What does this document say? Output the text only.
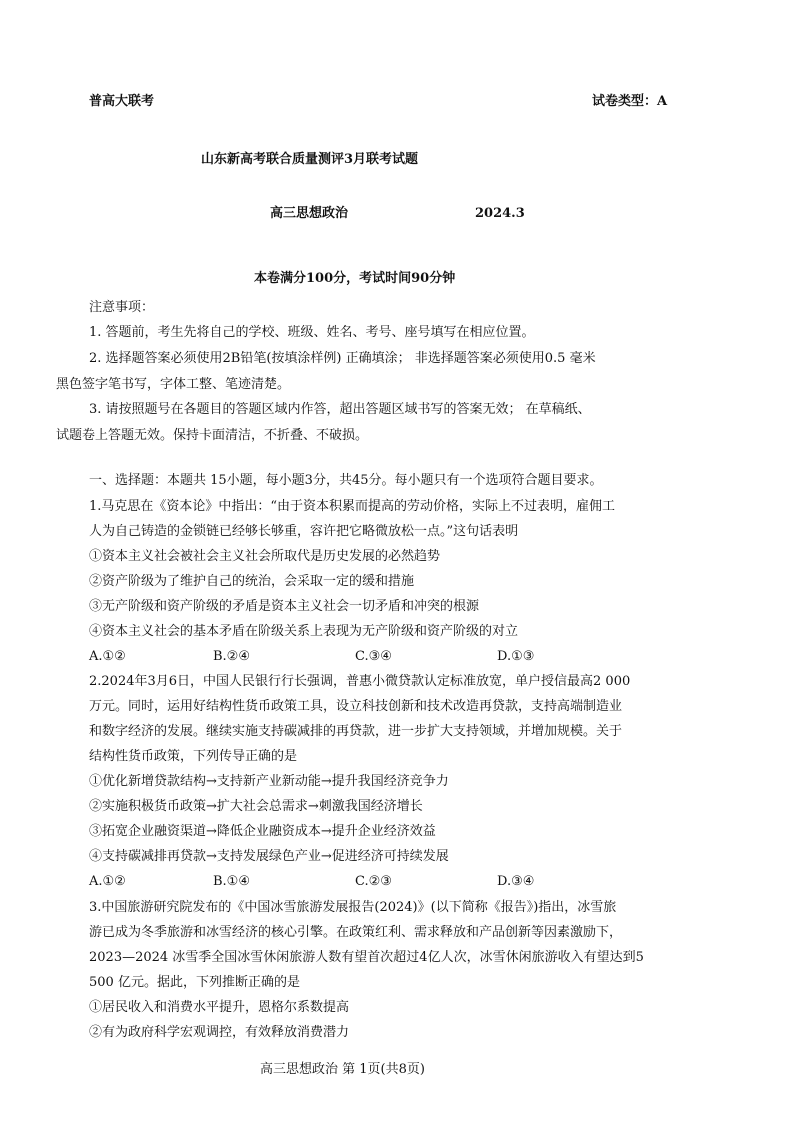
普高大联考	试卷类型：A
山东新高考联合质量测评3月联考试题
高三思想政治	2024.3
本卷满分100分，考试时间90分钟
注意事项：
1. 答题前，考生先将自己的学校、班级、姓名、考号、座号填写在相应位置。
2. 选择题答案必须使用2B铅笔(按填涂样例) 正确填涂； 非选择题答案必须使用0.5 毫米
黑色签字笔书写，字体工整、笔迹清楚。
3. 请按照题号在各题目的答题区域内作答，超出答题区域书写的答案无效； 在草稿纸、
试题卷上答题无效。保持卡面清洁，不折叠、不破损。
一、选择题：本题共 15小题，每小题3分，共45分。每小题只有一个选项符合题目要求。
1.马克思在《资本论》中指出：“由于资本积累而提高的劳动价格，实际上不过表明，雇佣工
人为自己铸造的金锁链已经够长够重，容许把它略微放松一点。”这句话表明
①资本主义社会被社会主义社会所取代是历史发展的必然趋势
②资产阶级为了维护自己的统治，会采取一定的缓和措施
③无产阶级和资产阶级的矛盾是资本主义社会一切矛盾和冲突的根源
④资本主义社会的基本矛盾在阶级关系上表现为无产阶级和资产阶级的对立
A.①②	B.②④	C.③④	D.①③
2.2024年3月6日，中国人民银行行长强调，普惠小微贷款认定标准放宽，单户授信最高2 000
万元。同时，运用好结构性货币政策工具，设立科技创新和技术改造再贷款，支持高端制造业
和数字经济的发展。继续实施支持碳减排的再贷款，进一步扩大支持领域，并增加规模。关于
结构性货币政策，下列传导正确的是
①优化新增贷款结构→支持新产业新动能→提升我国经济竞争力
②实施积极货币政策→扩大社会总需求→刺激我国经济增长
③拓宽企业融资渠道→降低企业融资成本→提升企业经济效益
④支持碳减排再贷款→支持发展绿色产业→促进经济可持续发展
A.①②	B.①④	C.②③	D.③④
3.中国旅游研究院发布的《中国冰雪旅游发展报告(2024)》(以下简称《报告》)指出，冰雪旅
游已成为冬季旅游和冰雪经济的核心引擎。在政策红利、需求释放和产品创新等因素激励下，
2023—2024 冰雪季全国冰雪休闲旅游人数有望首次超过4亿人次，冰雪休闲旅游收入有望达到5
500 亿元。据此，下列推断正确的是
①居民收入和消费水平提升，恩格尔系数提高
②有为政府科学宏观调控，有效释放消费潜力
高三思想政治 第 1页(共8页)
